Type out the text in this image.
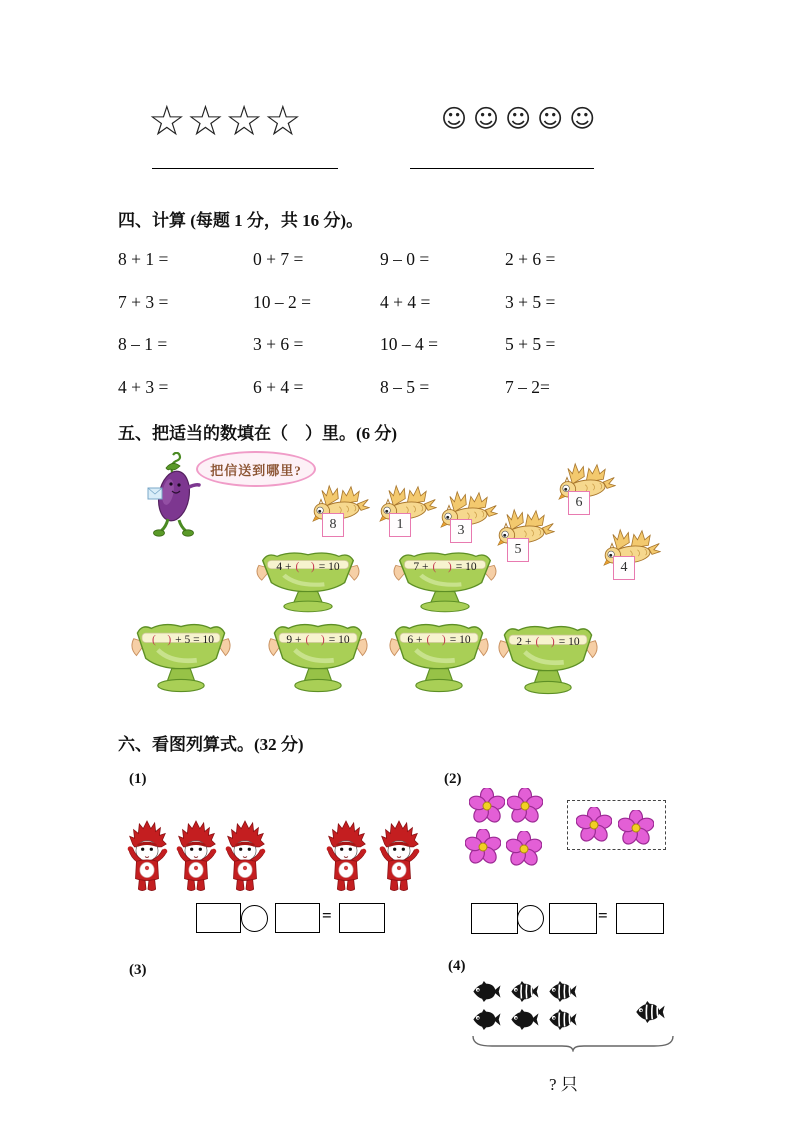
☆☆☆☆	☺☺☺☺☺
四、计算 (每题 1 分，共 16 分)。
8 + 1 =	0 + 7 =	9 – 0 =	2 + 6 =
7 + 3 =	10 – 2 =	4 + 4 =	3 + 5 =
8 – 1 =	3 + 6 =	10 – 4 =	5 + 5 =
4 + 3 =	6 + 4 =	8 – 5 =	7 – 2=
五、把适当的数填在（　）里。(6 分)
把信送到哪里?
8	1	3
5
6
4
4 + (　) = 10	7 + (　) = 10
(　) + 5 = 10	9 + (　) = 10	6 + (　) = 10	2 + (　) = 10
六、看图列算式。(32 分)
(1)	(2)
=	=
(3)	(4)
? 只
